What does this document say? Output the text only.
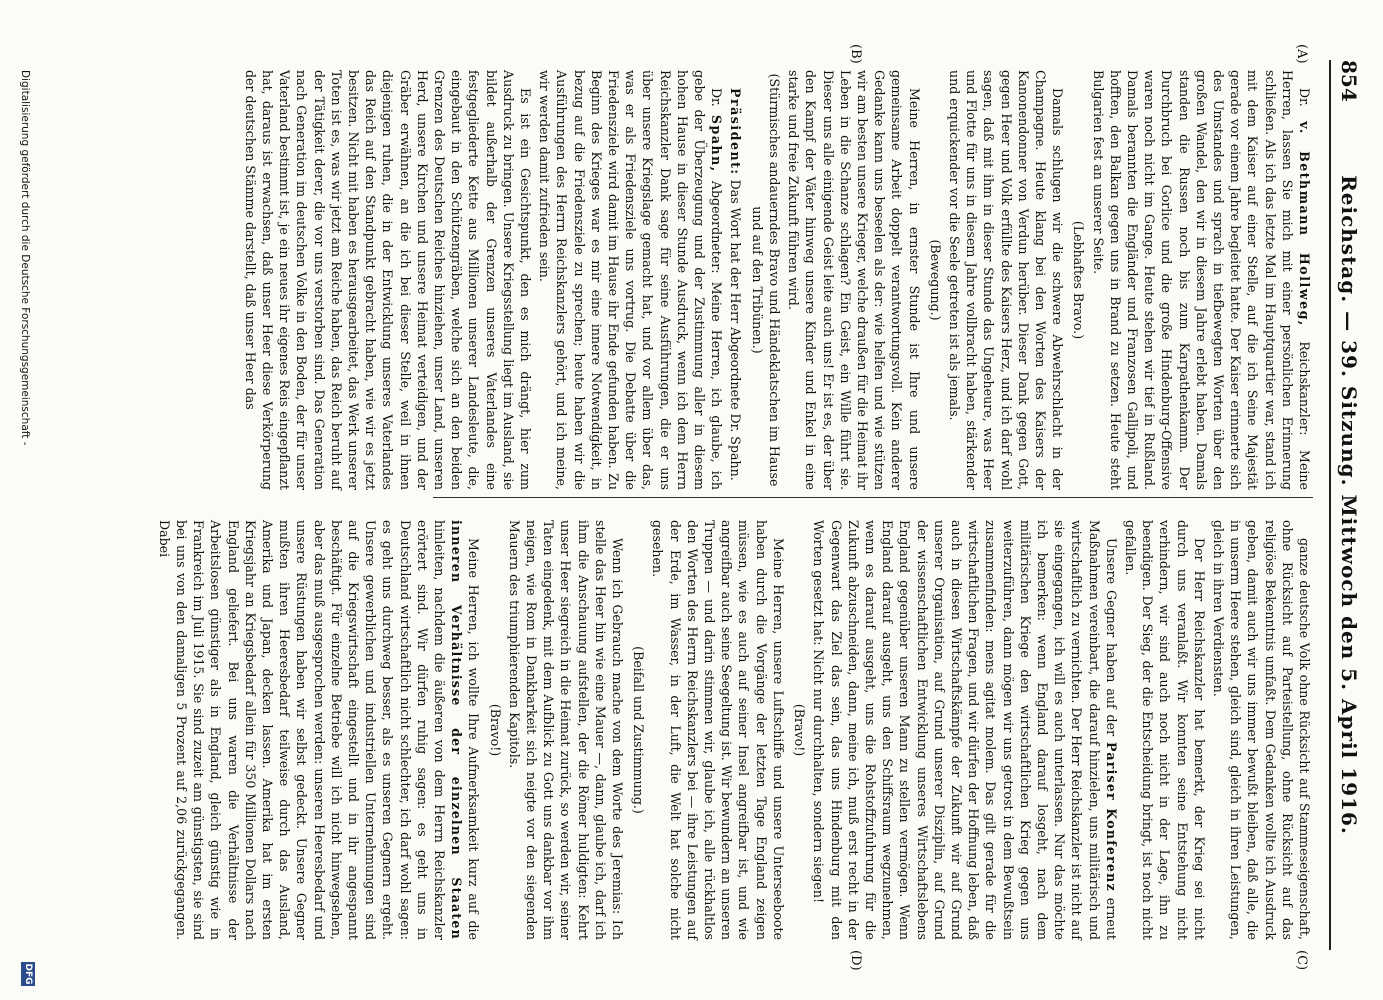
854
Reichstag. — 39. Sitzung. Mittwoch den 5. April 1916.
(A)
(B)
(C)
(D)

Dr. v. Bethmann Hollweg, Reichskanzler: Meine Herren, lassen Sie mich mit einer persönlichen Erinnerung schließen. Als ich das letzte Mal im Hauptquartier war, stand ich mit dem Kaiser auf einer Stelle, auf die ich Seine Majestät gerade vor einem Jahre begleitet hatte. Der Kaiser erinnerte sich des Umstandes und sprach in tiefbewegten Worten über den großen Wandel, den wir in diesem Jahre erlebt haben. Damals standen die Russen noch bis zum Karpathenkamm. Der Durchbruch bei Gorlice und die große Hindenburg-Offensive waren noch nicht im Gange. Heute stehen wir tief in Rußland. Damals berannten die Engländer und Franzosen Gallipoli, und hofften, den Balkan gegen uns in Brand zu setzen. Heute steht Bulgarien fest an unserer Seite.

(Lebhaftes Bravo.)

Damals schlugen wir die schwere Abwehrschlacht in der Champagne. Heute klang bei den Worten des Kaisers der Kanonendonner von Verdun herüber. Dieser Dank gegen Gott, gegen Heer und Volk erfüllte des Kaisers Herz, und ich darf wohl sagen, daß mit ihm in dieser Stunde das Ungeheure, was Heer und Flotte für uns in diesem Jahre vollbracht haben, stärkender und erquickender vor die Seele getreten ist als jemals.

(Bewegung.)

Meine Herren, in ernster Stunde ist Ihre und unsere gemeinsame Arbeit doppelt verantwortungsvoll. Kein anderer Gedanke kann uns beseelen als der: wie helfen und wie stützen wir am besten unsere Krieger, welche draußen für die Heimat ihr Leben in die Schanze schlagen? Ein Geist, ein Wille führt sie. Dieser uns alle einigende Geist leite auch uns! Er ist es, der über den Kampf der Väter hinweg unsere Kinder und Enkel in eine starke und freie Zukunft führen wird.

(Stürmisches andauerndes Bravo und Händeklatschen im Hause und auf den Tribünen.)

Präsident: Das Wort hat der Herr Abgeordnete Dr. Spahn.

Dr. Spahn, Abgeordneter: Meine Herren, ich glaube, ich gebe der Überzeugung und der Zustimmung aller in diesem hohen Hause in dieser Stunde Ausdruck, wenn ich dem Herrn Reichskanzler Dank sage für seine Ausführungen, die er uns über unsere Kriegslage gemacht hat, und vor allem über das, was er als Friedensziele uns vortrug. Die Debatte über die Friedensziele wird damit im Hause ihr Ende gefunden haben. Zu Beginn des Krieges war es mir eine innere Notwendigkeit, in bezug auf die Friedensziele zu sprechen; heute haben wir die Ausführungen des Herrn Reichskanzlers gehört, und ich meine, wir werden damit zufrieden sein.

Es ist ein Gesichtspunkt, den es mich drängt, hier zum Ausdruck zu bringen. Unsere Kriegsstellung liegt im Ausland, sie bildet außerhalb der Grenzen unseres Vaterlandes eine festgegliederte Kette aus Millionen unserer Landesleute, die, eingebaut in den Schützengräben, welche sich an den beiden Grenzen des Deutschen Reiches hinziehen, unser Land, unseren Herd, unsere Kirchen und unsere Heimat verteidigen, und der Gräber erwähnen, an die ich bei dieser Stelle, weil in ihnen diejenigen ruhen, die in der Entwicklung unseres Vaterlandes das Reich auf den Standpunkt gebracht haben, wie wir es jetzt besitzen. Nicht mit haben es herausgearbeitet, das Werk unserer Toten ist es, was wir jetzt am Reiche haben, das Reich beruht auf der Tätigkeit derer, die vor uns verstorben sind. Das Generation nach Generation im deutschen Volke in den Boden, der für unser Vaterland bestimmt ist, je ein neues ihr eigenes Reis eingepflanzt hat, daraus ist erwachsen, daß unser Heer diese Verkörperung der deutschen Stämme darstellt, daß unser Heer das

ganze deutsche Volk ohne Rücksicht auf Stammeseigenschaft, ohne Rücksicht auf Parteistellung, ohne Rücksicht auf das religiöse Bekenntnis umfaßt. Dem Gedanken wollte ich Ausdruck geben, damit auch wir uns immer bewußt bleiben, daß alle, die in unserm Heere stehen, gleich sind, gleich in ihren Leistungen, gleich in ihren Verdiensten.

Der Herr Reichskanzler hat bemerkt, der Krieg sei nicht durch uns veranlaßt. Wir konnten seine Entstehung nicht verhindern, wir sind auch noch nicht in der Lage, ihn zu beendigen. Der Sieg, der die Entscheidung bringt, ist noch nicht gefallen.

Unsere Gegner haben auf der Pariser Konferenz erneut Maßnahmen vereinbart, die darauf hinzielen, uns militärisch und wirtschaftlich zu vernichten. Der Herr Reichskanzler ist nicht auf sie eingegangen, ich will es auch unterlassen. Nur das möchte ich bemerken: wenn England darauf losgeht, nach dem militärischen Kriege den wirtschaftlichen Krieg gegen uns weiterzuführen, dann mögen wir uns getrost in dem Bewußtsein zusammenfinden: mens agitat molem. Das gilt gerade für die wirtschaftlichen Fragen, und wir dürfen der Hoffnung leben, daß auch in diesen Wirtschaftskämpfe der Zukunft wir auf Grund unserer Organisation, auf Grund unserer Disziplin, auf Grund der wissenschaftlichen Entwicklung unseres Wirtschaftslebens England gegenüber unseren Mann zu stellen vermögen. Wenn England darauf ausgeht, uns den Schiffsraum wegzunehmen, wenn es darauf ausgeht, uns die Rohstoffzufuhrung für die Zukunft abzuschneiden, dann, meine ich, muß erst recht in der Gegenwart das Ziel das sein, das uns Hindenburg mit den Worten gesetzt hat: Nicht nur durchhalten, sondern siegen!

(Bravo!)

Meine Herren, unsere Luftschiffe und unsere Unterseeboote haben durch die Vorgänge der letzten Tage England zeigen müssen, wie es auch auf seiner Insel angreifbar ist, und wie angreifbar auch seine Seegeltung ist. Wir bewundern an unseren Truppen — und darin stimmen wir, glaube ich, alle rückhaltlos den Worten des Herrn Reichskanzlers bei — ihre Leistungen auf der Erde, im Wasser, in der Luft, die Welt hat solche nicht gesehen.

(Beifall und Zustimmung.)

Wenn ich Gebrauch mache von dem Worte des Jeremias: Ich stelle das Heer hin wie eine Mauer —, dann, glaube ich, darf ich ihm die Anschauung aufstellen, der die Römer huldigten: Kehrt unser Heer siegreich in die Heimat zurück, so werden wir, seiner Taten eingedenk, mit dem Aufblick zu Gott uns dankbar vor ihm neigen, wie Rom in Dankbarkeit sich neigte vor den siegenden Mauern des triumphierenden Kapitols.

(Bravo!)

Meine Herren, ich wollte Ihre Aufmerksamkeit kurz auf die inneren Verhältnisse der einzelnen Staaten hinleiten, nachdem die äußeren von dem Herrn Reichskanzler erörtert sind. Wir dürfen ruhig sagen: es geht uns in Deutschland wirtschaftlich nicht schlechter, ich darf wohl sagen: es geht uns durchweg besser, als es unseren Gegnern ergeht. Unsere gewerblichen und industriellen Unternehmungen sind auf die Kriegswirtschaft eingestellt und in ihr angespannt beschäftigt. Für einzelne Betriebe will ich nicht hinwegsehen, aber das muß ausgesprochen werden: unseren Heeresbedarf und unsere Rüstungen haben wir selbst gedeckt. Unsere Gegner mußten ihren Heeresbedarf teilweise durch das Ausland, Amerika und Japan, decken lassen. Amerika hat im ersten Kriegsjahr an Kriegsbedarf allein für 350 Millionen Dollars nach England geliefert. Bei uns waren die Verhältnisse der Arbeitslosen günstiger als in England, gleich günstig wie in Frankreich im Juli 1915. Sie sind zuzeit am günstigsten, sie sind bei uns von den damaligen 5 Prozent auf 2,06 zurückgegangen. Dabei

Digitalisierung gefördert durch die Deutsche Forschungsgemeinschaft -
DFG
